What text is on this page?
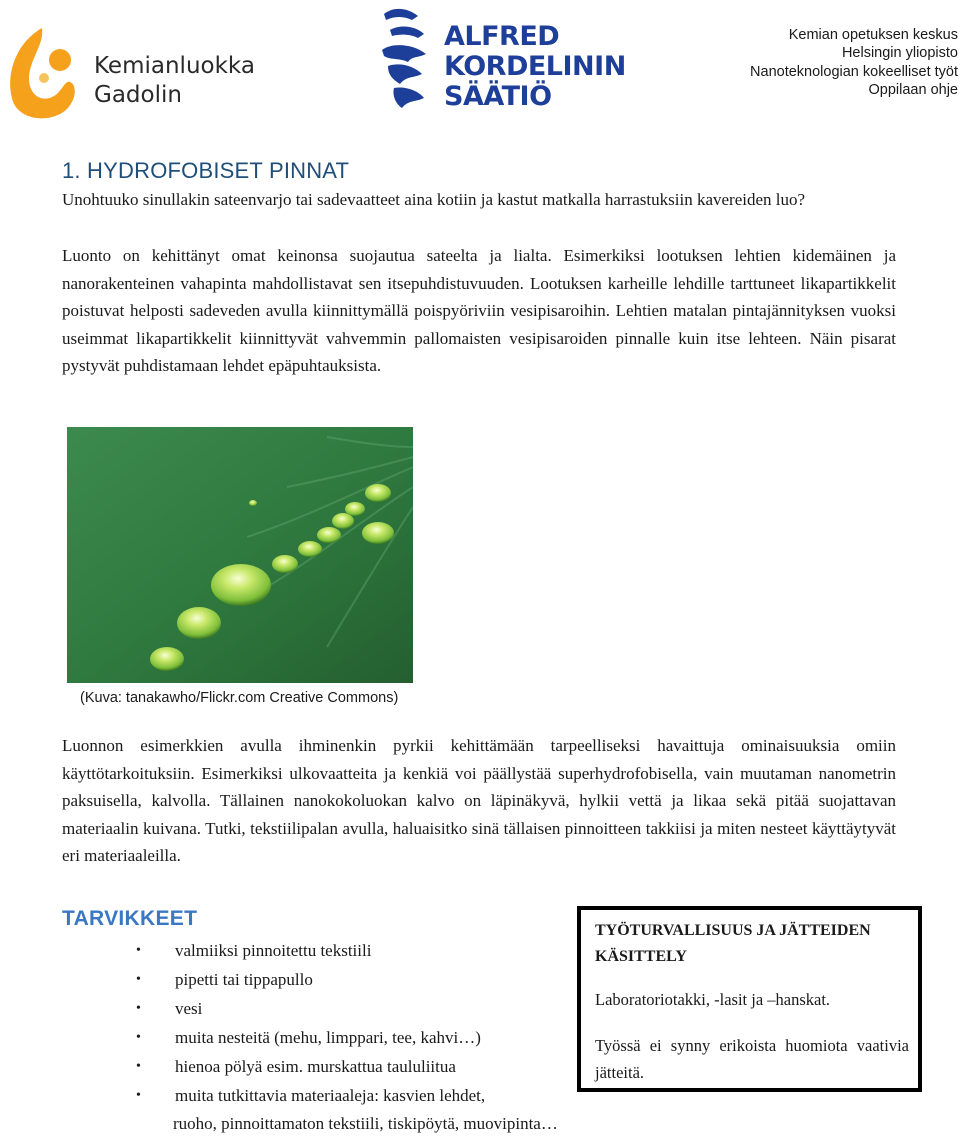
Kemianluokka
Gadolin
ALFRED
KORDELININ
SÄÄTIÖ
Kemian opetuksen keskus
Helsingin yliopisto
Nanoteknologian kokeelliset työt
Oppilaan ohje
1. HYDROFOBISET PINNAT

Unohtuuko sinullakin sateenvarjo tai sadevaatteet aina kotiin ja kastut matkalla harrastuksiin kavereiden luo?

Luonto on kehittänyt omat keinonsa suojautua sateelta ja lialta. Esimerkiksi lootuksen lehtien kidemäinen ja nanorakenteinen vahapinta mahdollistavat sen itsepuhdistuvuuden. Lootuksen karheille lehdille tarttuneet likapartikkelit poistuvat helposti sadeveden avulla kiinnittymällä poispyöriviin vesipisaroihin. Lehtien matalan pintajännityksen vuoksi useimmat likapartikkelit kiinnittyvät vahvemmin pallomaisten vesipisaroiden pinnalle kuin itse lehteen. Näin pisarat pystyvät puhdistamaan lehdet epäpuhtauksista.

(Kuva: tanakawho/Flickr.com Creative Commons)

Luonnon esimerkkien avulla ihminenkin pyrkii kehittämään tarpeelliseksi havaittuja ominaisuuksia omiin käyttötarkoituksiin. Esimerkiksi ulkovaatteita ja kenkiä voi päällystää superhydrofobisella, vain muutaman nanometrin paksuisella, kalvolla. Tällainen nanokokoluokan kalvo on läpinäkyvä, hylkii vettä ja likaa sekä pitää suojattavan materiaalin kuivana. Tutki, tekstiilipalan avulla, haluaisitko sinä tällaisen pinnoitteen takkiisi ja miten nesteet käyttäytyvät eri materiaaleilla.

TARVIKKEET
• valmiiksi pinnoitettu tekstiili
• pipetti tai tippapullo
• vesi
• muita nesteitä (mehu, limppari, tee, kahvi…)
• hienoa pölyä esim. murskattua taululiitua
• muita tutkittavia materiaaleja: kasvien lehdet,
ruoho, pinnoittamaton tekstiili, tiskipöytä, muovipinta…
TYÖTURVALLISUUS JA JÄTTEIDEN KÄSITTELY
Laboratoriotakki, -lasit ja –hanskat.
Työssä ei synny erikoista huomiota vaativia jätteitä.
